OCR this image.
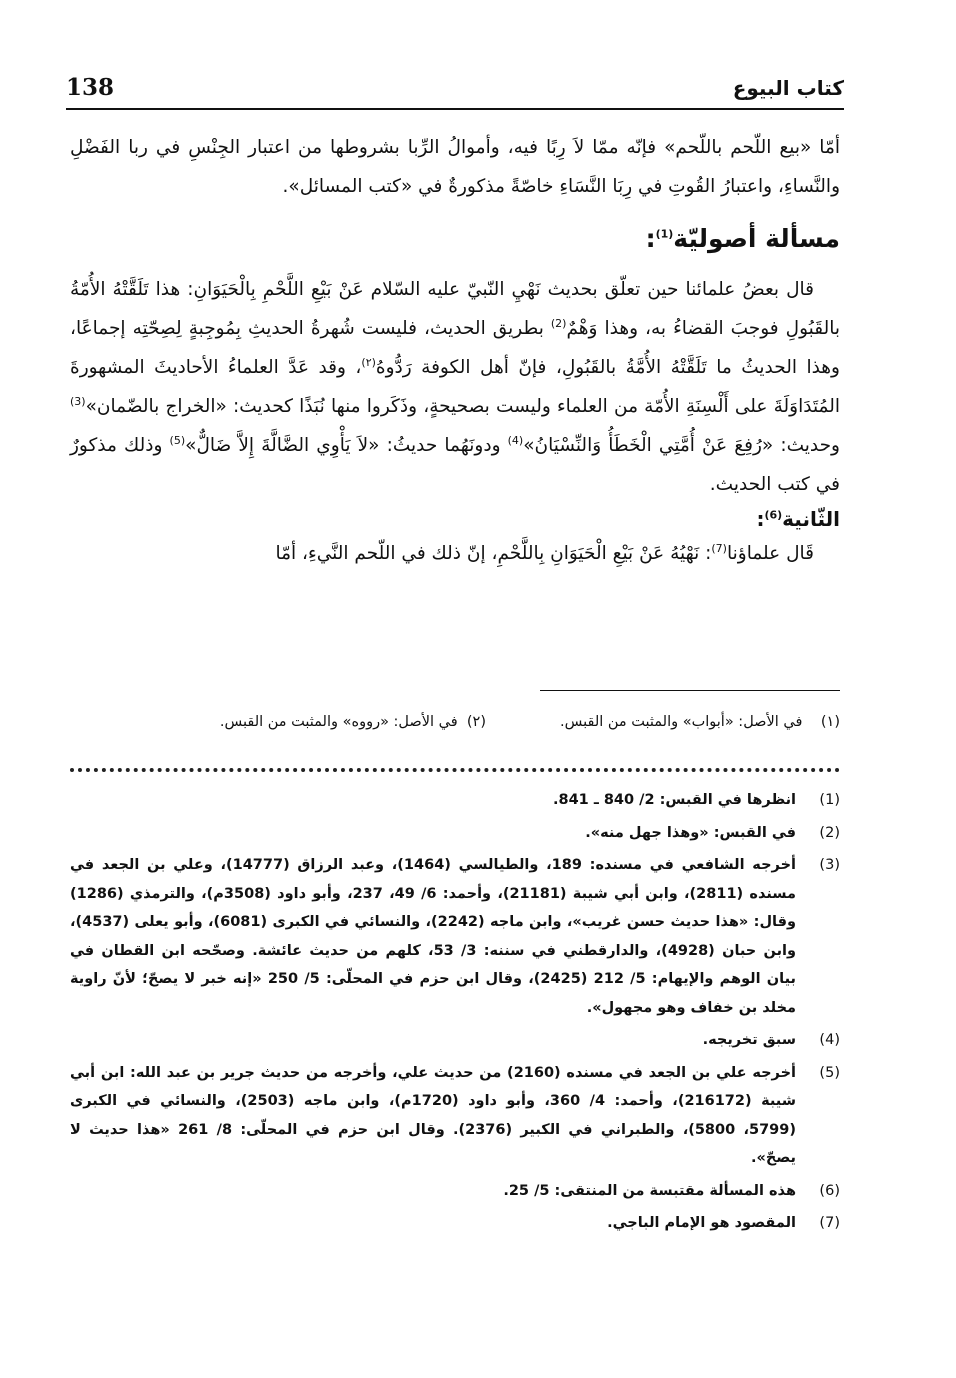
138	كتاب البيوع

أمّا «بيع اللّحم باللّحم» فإنّه ممّا لاَ رِبًا فيه، وأموالُ الرِّبا بشروطها من اعتبار الجِنْسِ في ربا الفَضْلِ والنَّساءِ، واعتبارُ القُوتِ في رِبَا النَّسَاءِ خاصّةً مذكورةٌ في «كتب المسائل».

مسألة أصوليّة$^{(1)}$:

قال بعضُ علمائنا حين تعلّق بحديث نَهْيِ النّبيّ عليه السّلام عَنْ بَيْعِ اللَّحْمِ بِالْحَيَوَانِ: هذا تَلَقَّتْهُ الأُمّةُ بالقَبُولِ فوجبَ القضاءُ به، وهذا وَهْمٌ$^{(2)}$ بطريق الحديث، فليست شُهرةُ الحديثِ بِمُوجِبةٍ لِصِحّتِه إجماعًا، وهذا الحديثُ ما تَلَقَّتْهُ الأُمَّةُ بالقَبُولِ، فإنّ أهل الكوفة رَدُّوهُ$^{(٢)}$، وقد عَدَّ العلماءُ الأحاديثَ المشهورةَ المُتَدَاوَلَةَ على أَلْسِنَةِ الأُمّة من العلماء وليست بصحيحةٍ، وذَكَروا منها نُبَذًا كحديث: «الخراج بالضّمان»$^{(3)}$ وحديث: «رُفِعَ عَنْ أُمَّتِي الْخَطَأُ وَالنِّسْيَانُ»$^{(4)}$ ودونَهُما حديثُ: «لاَ يَأْوِي الضَّالَّةَ إِلاَّ ضَالٌّ»$^{(5)}$ وذلك مذكورٌ في كتب الحديث.

الثّانية$^{(6)}$:

قَال علماؤنا$^{(7)}$: نَهْيُهُ عَنْ بَيْعِ الْحَيَوَانِ بِاللَّحْمِ، إنّ ذلك في اللّحم النَّيءِ، أمّا

(١)    في الأصل: «أبواب» والمثبت من القبس.
(٢)  في الأصل: «رووه» والمثبت من القبس.
(1)
انظرها في القبس: 2/ 840 ـ 841.
(2)
في القبس: «وهذا جهل منه».
(3)
أخرجه الشافعي في مسنده: 189، والطيالسي (1464)، وعبد الرزاق (14777)، وعلي بن الجعد في مسنده (2811)، وابن أبي شيبة (21181)، وأحمد: 6/ 49، 237، وأبو داود (3508م)، والترمذي (1286) وقال: «هذا حديث حسن غريب»، وابن ماجه (2242)، والنسائي في الكبرى (6081)، وأبو يعلى (4537)، وابن حبان (4928)، والدارقطني في سننه: 3/ 53، كلهم من حديث عائشة. وصحّحه ابن القطان في بيان الوهم والإيهام: 5/ 212 (2425)، وقال ابن حزم في المحلّى: 5/ 250 «إنه خبر لا يصحّ؛ لأنّ راوية مخلد بن خفاف وهو مجهول».
(4)
سبق تخريجه.
(5)
أخرجه علي بن الجعد في مسنده (2160) من حديث علي، وأخرجه من حديث جرير بن عبد الله: ابن أبي شيبة (216172)، وأحمد: 4/ 360، وأبو داود (1720م)، وابن ماجه (2503)، والنسائي في الكبرى (5799، 5800)، والطبراني في الكبير (2376). وقال ابن حزم في المحلّى: 8/ 261 «هذا حديث لا يصحّ».
(6)
هذه المسألة مقتبسة من المنتقى: 5/ 25.
(7)
المقصود هو الإمام الباجي.
